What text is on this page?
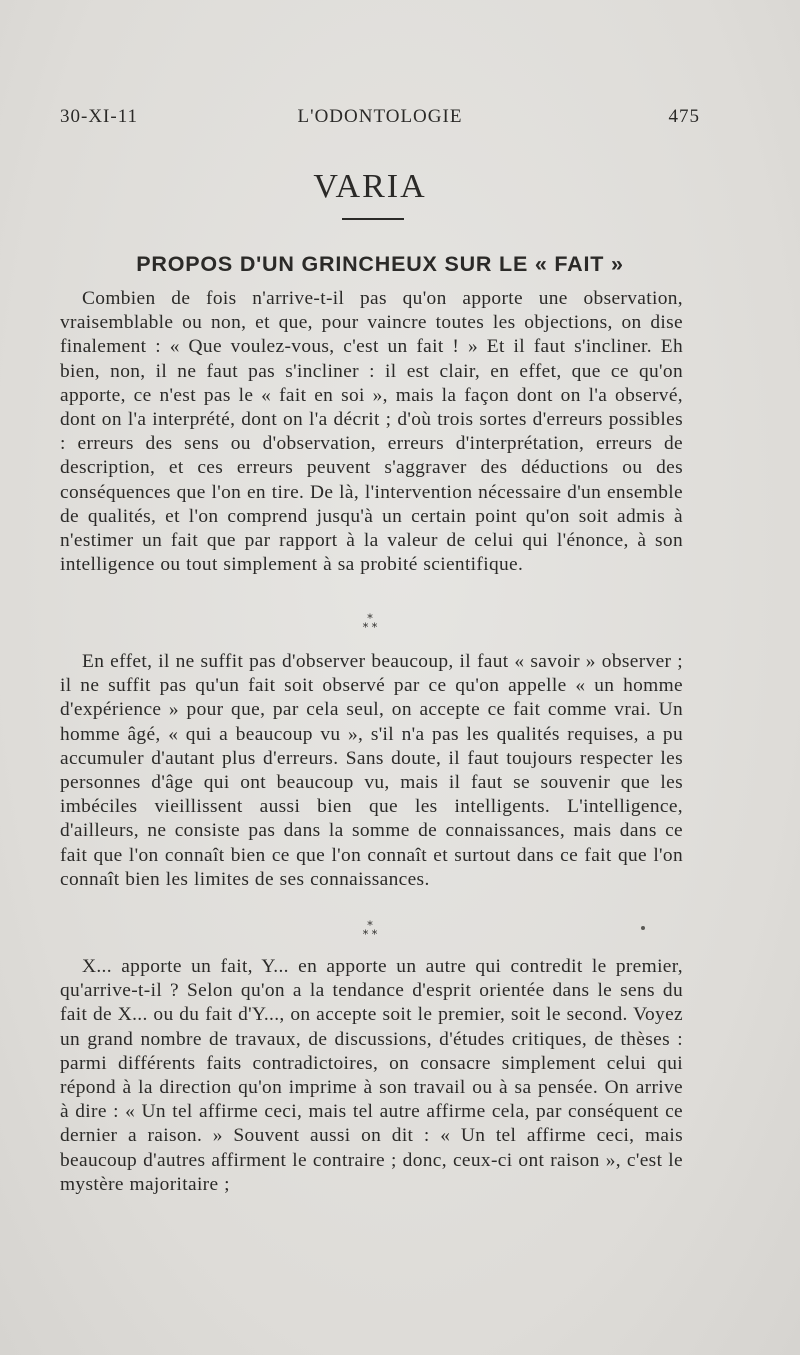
30-XI-11	L'ODONTOLOGIE	475
VARIA
PROPOS D'UN GRINCHEUX SUR LE « FAIT »

Combien de fois n'arrive-t-il pas qu'on apporte une observation, vraisemblable ou non, et que, pour vaincre toutes les objections, on dise finalement : « Que voulez-vous, c'est un fait ! » Et il faut s'incliner. Eh bien, non, il ne faut pas s'incliner : il est clair, en effet, que ce qu'on apporte, ce n'est pas le « fait en soi », mais la façon dont on l'a observé, dont on l'a interprété, dont on l'a décrit ; d'où trois sortes d'erreurs possibles : erreurs des sens ou d'observation, erreurs d'interprétation, erreurs de description, et ces erreurs peuvent s'aggraver des déductions ou des conséquences que l'on en tire. De là, l'intervention nécessaire d'un ensemble de qualités, et l'on comprend jusqu'à un certain point qu'on soit admis à n'estimer un fait que par rapport à la valeur de celui qui l'énonce, à son intelligence ou tout simplement à sa probité scientifique.

*
* *

En effet, il ne suffit pas d'observer beaucoup, il faut « savoir » observer ; il ne suffit pas qu'un fait soit observé par ce qu'on appelle « un homme d'expérience » pour que, par cela seul, on accepte ce fait comme vrai. Un homme âgé, « qui a beaucoup vu », s'il n'a pas les qualités requises, a pu accumuler d'autant plus d'erreurs. Sans doute, il faut toujours respecter les personnes d'âge qui ont beaucoup vu, mais il faut se souvenir que les imbéciles vieillissent aussi bien que les intelligents. L'intelligence, d'ailleurs, ne consiste pas dans la somme de connaissances, mais dans ce fait que l'on connaît bien ce que l'on connaît et surtout dans ce fait que l'on connaît bien les limites de ses connaissances.

*
* *

X... apporte un fait, Y... en apporte un autre qui contredit le premier, qu'arrive-t-il ? Selon qu'on a la tendance d'esprit orientée dans le sens du fait de X... ou du fait d'Y..., on accepte soit le premier, soit le second. Voyez un grand nombre de travaux, de discussions, d'études critiques, de thèses : parmi différents faits contradictoires, on consacre simplement celui qui répond à la direction qu'on imprime à son travail ou à sa pensée. On arrive à dire : « Un tel affirme ceci, mais tel autre affirme cela, par conséquent ce dernier a raison. » Souvent aussi on dit : « Un tel affirme ceci, mais beaucoup d'autres affirment le contraire ; donc, ceux-ci ont raison », c'est le mystère majoritaire ;
